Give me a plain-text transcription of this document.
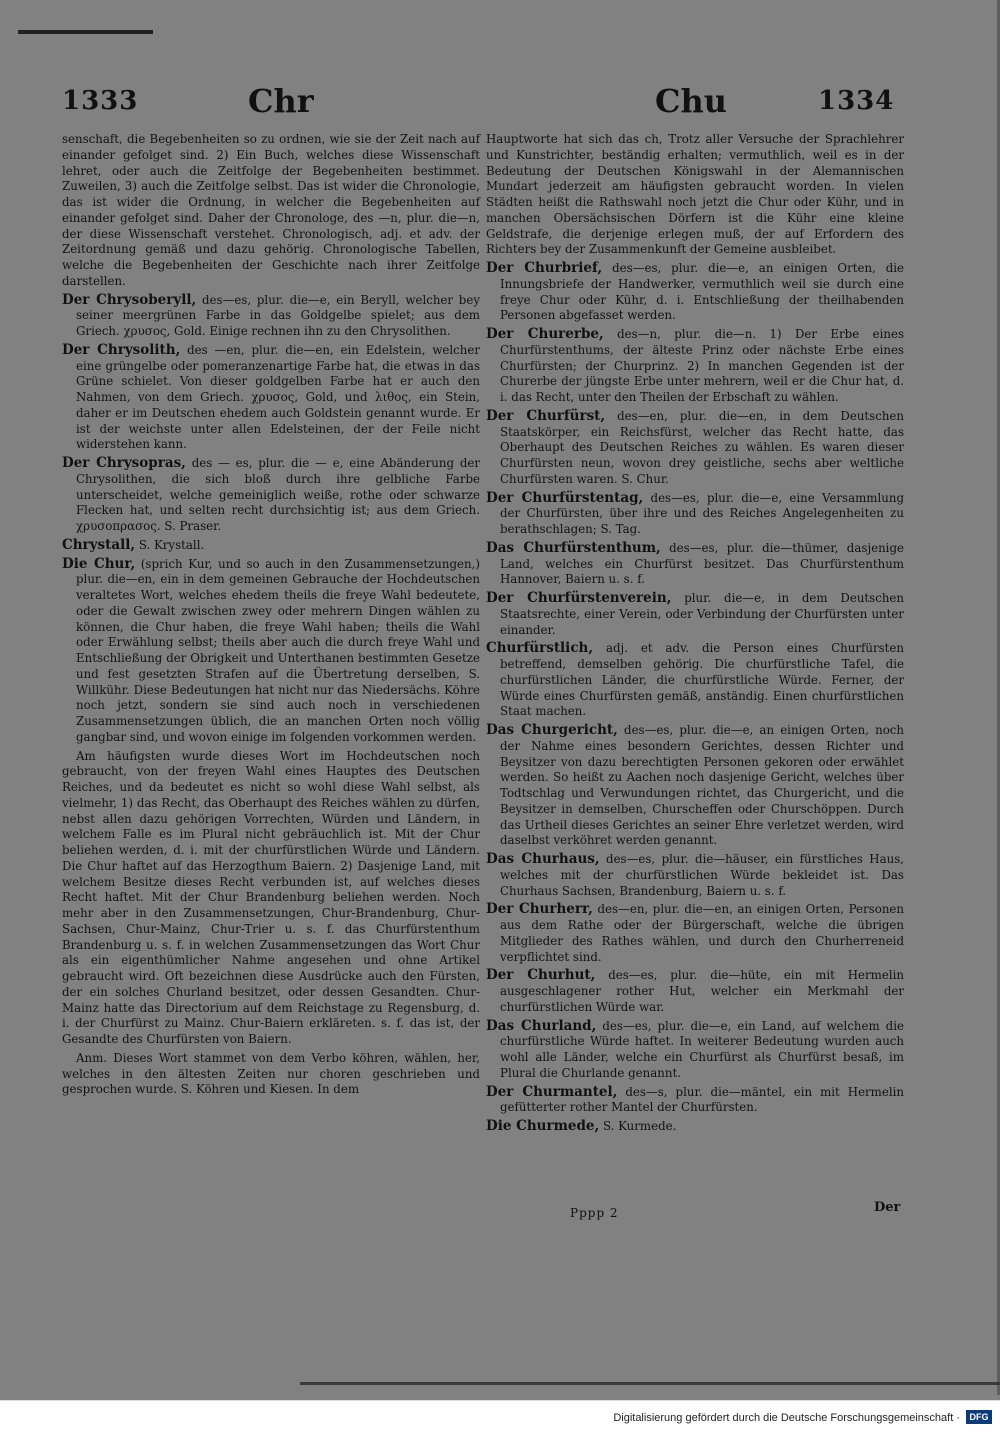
1333	Chr	Chu	1334

senschaft, die Begebenheiten so zu ordnen, wie sie der Zeit nach auf einander gefolget sind. 2) Ein Buch, welches diese Wissenschaft lehret, oder auch die Zeitfolge der Begebenheiten bestimmet. Zuweilen, 3) auch die Zeitfolge selbst. Das ist wider die Chronologie, das ist wider die Ordnung, in welcher die Begebenheiten auf einander gefolget sind. Daher der Chronologe, des —n, plur. die—n, der diese Wissenschaft verstehet. Chronologisch, adj. et adv. der Zeitordnung gemäß und dazu gehörig. Chronologische Tabellen, welche die Begebenheiten der Geschichte nach ihrer Zeitfolge darstellen.

Der Chrysoberyll, des—es, plur. die—e, ein Beryll, welcher bey seiner meergrünen Farbe in das Goldgelbe spielet; aus dem Griech. χρυσος, Gold. Einige rechnen ihn zu den Chrysolithen.

Der Chrysolith, des —en, plur. die—en, ein Edelstein, welcher eine grüngelbe oder pomeranzenartige Farbe hat, die etwas in das Grüne schielet. Von dieser goldgelben Farbe hat er auch den Nahmen, von dem Griech. χρυσος, Gold, und λιθος, ein Stein, daher er im Deutschen ehedem auch Goldstein genannt wurde. Er ist der weichste unter allen Edelsteinen, der der Feile nicht widerstehen kann.

Der Chrysopras, des — es, plur. die — e, eine Abänderung der Chrysolithen, die sich bloß durch ihre gelbliche Farbe unterscheidet, welche gemeiniglich weiße, rothe oder schwarze Flecken hat, und selten recht durchsichtig ist; aus dem Griech. χρυσοπρασος. S. Praser.

Chrystall, S. Krystall.

Die Chur, (sprich Kur, und so auch in den Zusammensetzungen,) plur. die—en, ein in dem gemeinen Gebrauche der Hochdeutschen veraltetes Wort, welches ehedem theils die freye Wahl bedeutete, oder die Gewalt zwischen zwey oder mehrern Dingen wählen zu können, die Chur haben, die freye Wahl haben; theils die Wahl oder Erwählung selbst; theils aber auch die durch freye Wahl und Entschließung der Obrigkeit und Unterthanen bestimmten Gesetze und fest gesetzten Strafen auf die Übertretung derselben, S. Willkühr. Diese Bedeutungen hat nicht nur das Niedersächs. Köhre noch jetzt, sondern sie sind auch noch in verschiedenen Zusammensetzungen üblich, die an manchen Orten noch völlig gangbar sind, und wovon einige im folgenden vorkommen werden.

Am häufigsten wurde dieses Wort im Hochdeutschen noch gebraucht, von der freyen Wahl eines Hauptes des Deutschen Reiches, und da bedeutet es nicht so wohl diese Wahl selbst, als vielmehr, 1) das Recht, das Oberhaupt des Reiches wählen zu dürfen, nebst allen dazu gehörigen Vorrechten, Würden und Ländern, in welchem Falle es im Plural nicht gebräuchlich ist. Mit der Chur beliehen werden, d. i. mit der churfürstlichen Würde und Ländern. Die Chur haftet auf das Herzogthum Baiern. 2) Dasjenige Land, mit welchem Besitze dieses Recht verbunden ist, auf welches dieses Recht haftet. Mit der Chur Brandenburg beliehen werden. Noch mehr aber in den Zusammensetzungen, Chur-Brandenburg, Chur-Sachsen, Chur-Mainz, Chur-Trier u. s. f. das Churfürstenthum Brandenburg u. s. f. in welchen Zusammensetzungen das Wort Chur als ein eigenthümlicher Nahme angesehen und ohne Artikel gebraucht wird. Oft bezeichnen diese Ausdrücke auch den Fürsten, der ein solches Churland besitzet, oder dessen Gesandten. Chur-Mainz hatte das Directorium auf dem Reichstage zu Regensburg, d. i. der Churfürst zu Mainz. Chur-Baiern erkläreten. s. f. das ist, der Gesandte des Churfürsten von Baiern.

Anm. Dieses Wort stammet von dem Verbo köhren, wählen, her, welches in den ältesten Zeiten nur choren geschrieben und gesprochen wurde. S. Köhren und Kiesen. In dem

Hauptworte hat sich das ch, Trotz aller Versuche der Sprachlehrer und Kunstrichter, beständig erhalten; vermuthlich, weil es in der Bedeutung der Deutschen Königswahl in der Alemannischen Mundart jederzeit am häufigsten gebraucht worden. In vielen Städten heißt die Rathswahl noch jetzt die Chur oder Kühr, und in manchen Obersächsischen Dörfern ist die Kühr eine kleine Geldstrafe, die derjenige erlegen muß, der auf Erfordern des Richters bey der Zusammenkunft der Gemeine ausbleibet.

Der Churbrief, des—es, plur. die—e, an einigen Orten, die Innungsbriefe der Handwerker, vermuthlich weil sie durch eine freye Chur oder Kühr, d. i. Entschließung der theilhabenden Personen abgefasset werden.

Der Churerbe, des—n, plur. die—n. 1) Der Erbe eines Churfürstenthums, der älteste Prinz oder nächste Erbe eines Churfürsten; der Churprinz. 2) In manchen Gegenden ist der Churerbe der jüngste Erbe unter mehrern, weil er die Chur hat, d. i. das Recht, unter den Theilen der Erbschaft zu wählen.

Der Churfürst, des—en, plur. die—en, in dem Deutschen Staatskörper, ein Reichsfürst, welcher das Recht hatte, das Oberhaupt des Deutschen Reiches zu wählen. Es waren dieser Churfürsten neun, wovon drey geistliche, sechs aber weltliche Churfürsten waren. S. Chur.

Der Churfürstentag, des—es, plur. die—e, eine Versammlung der Churfürsten, über ihre und des Reiches Angelegenheiten zu berathschlagen; S. Tag.

Das Churfürstenthum, des—es, plur. die—thümer, dasjenige Land, welches ein Churfürst besitzet. Das Churfürstenthum Hannover, Baiern u. s. f.

Der Churfürstenverein, plur. die—e, in dem Deutschen Staatsrechte, einer Verein, oder Verbindung der Churfürsten unter einander.

Churfürstlich, adj. et adv. die Person eines Churfürsten betreffend, demselben gehörig. Die churfürstliche Tafel, die churfürstlichen Länder, die churfürstliche Würde. Ferner, der Würde eines Churfürsten gemäß, anständig. Einen churfürstlichen Staat machen.

Das Churgericht, des—es, plur. die—e, an einigen Orten, noch der Nahme eines besondern Gerichtes, dessen Richter und Beysitzer von dazu berechtigten Personen gekoren oder erwählet werden. So heißt zu Aachen noch dasjenige Gericht, welches über Todtschlag und Verwundungen richtet, das Churgericht, und die Beysitzer in demselben, Churscheffen oder Churschöppen. Durch das Urtheil dieses Gerichtes an seiner Ehre verletzet werden, wird daselbst verköhret werden genannt.

Das Churhaus, des—es, plur. die—häuser, ein fürstliches Haus, welches mit der churfürstlichen Würde bekleidet ist. Das Churhaus Sachsen, Brandenburg, Baiern u. s. f.

Der Churherr, des—en, plur. die—en, an einigen Orten, Personen aus dem Rathe oder der Bürgerschaft, welche die übrigen Mitglieder des Rathes wählen, und durch den Churherreneid verpflichtet sind.

Der Churhut, des—es, plur. die—hüte, ein mit Hermelin ausgeschlagener rother Hut, welcher ein Merkmahl der churfürstlichen Würde war.

Das Churland, des—es, plur. die—e, ein Land, auf welchem die churfürstliche Würde haftet. In weiterer Bedeutung wurden auch wohl alle Länder, welche ein Churfürst als Churfürst besaß, im Plural die Churlande genannt.

Der Churmantel, des—s, plur. die—mäntel, ein mit Hermelin gefütterter rother Mantel der Churfürsten.

Die Churmede, S. Kurmede.

Pppp 2	Der
Digitalisierung gefördert durch die Deutsche Forschungsgemeinschaft ·	DFG
